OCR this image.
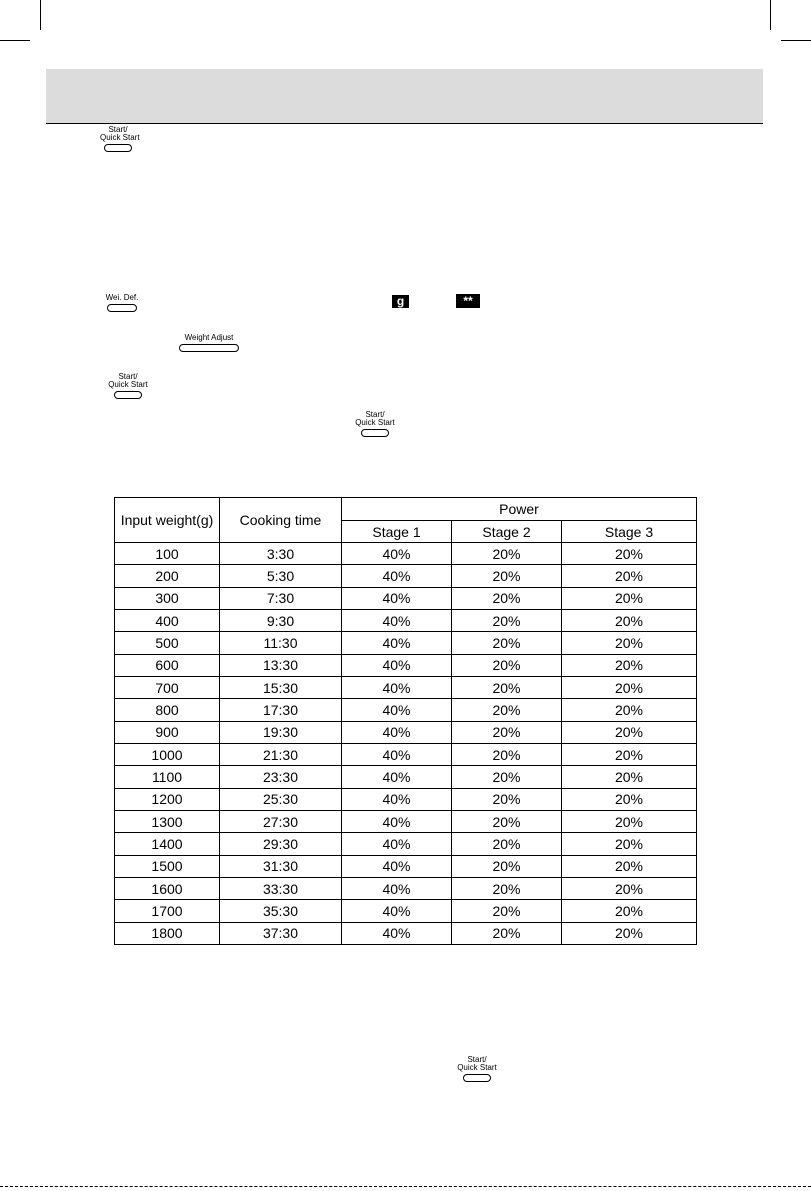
Start/
Quick Start
Wei. Def.	g	**
Weight Adjust
Start/
Quick Start
Start/
Quick Start
Input weight(g)	Cooking time	Power		
		Stage 1	Stage 2	Stage 3
100	3:30	40%	20%	20%
200	5:30	40%	20%	20%
300	7:30	40%	20%	20%
400	9:30	40%	20%	20%
500	11:30	40%	20%	20%
600	13:30	40%	20%	20%
700	15:30	40%	20%	20%
800	17:30	40%	20%	20%
900	19:30	40%	20%	20%
1000	21:30	40%	20%	20%
1100	23:30	40%	20%	20%
1200	25:30	40%	20%	20%
1300	27:30	40%	20%	20%
1400	29:30	40%	20%	20%
1500	31:30	40%	20%	20%
1600	33:30	40%	20%	20%
1700	35:30	40%	20%	20%
1800	37:30	40%	20%	20%
Start/
Quick Start
